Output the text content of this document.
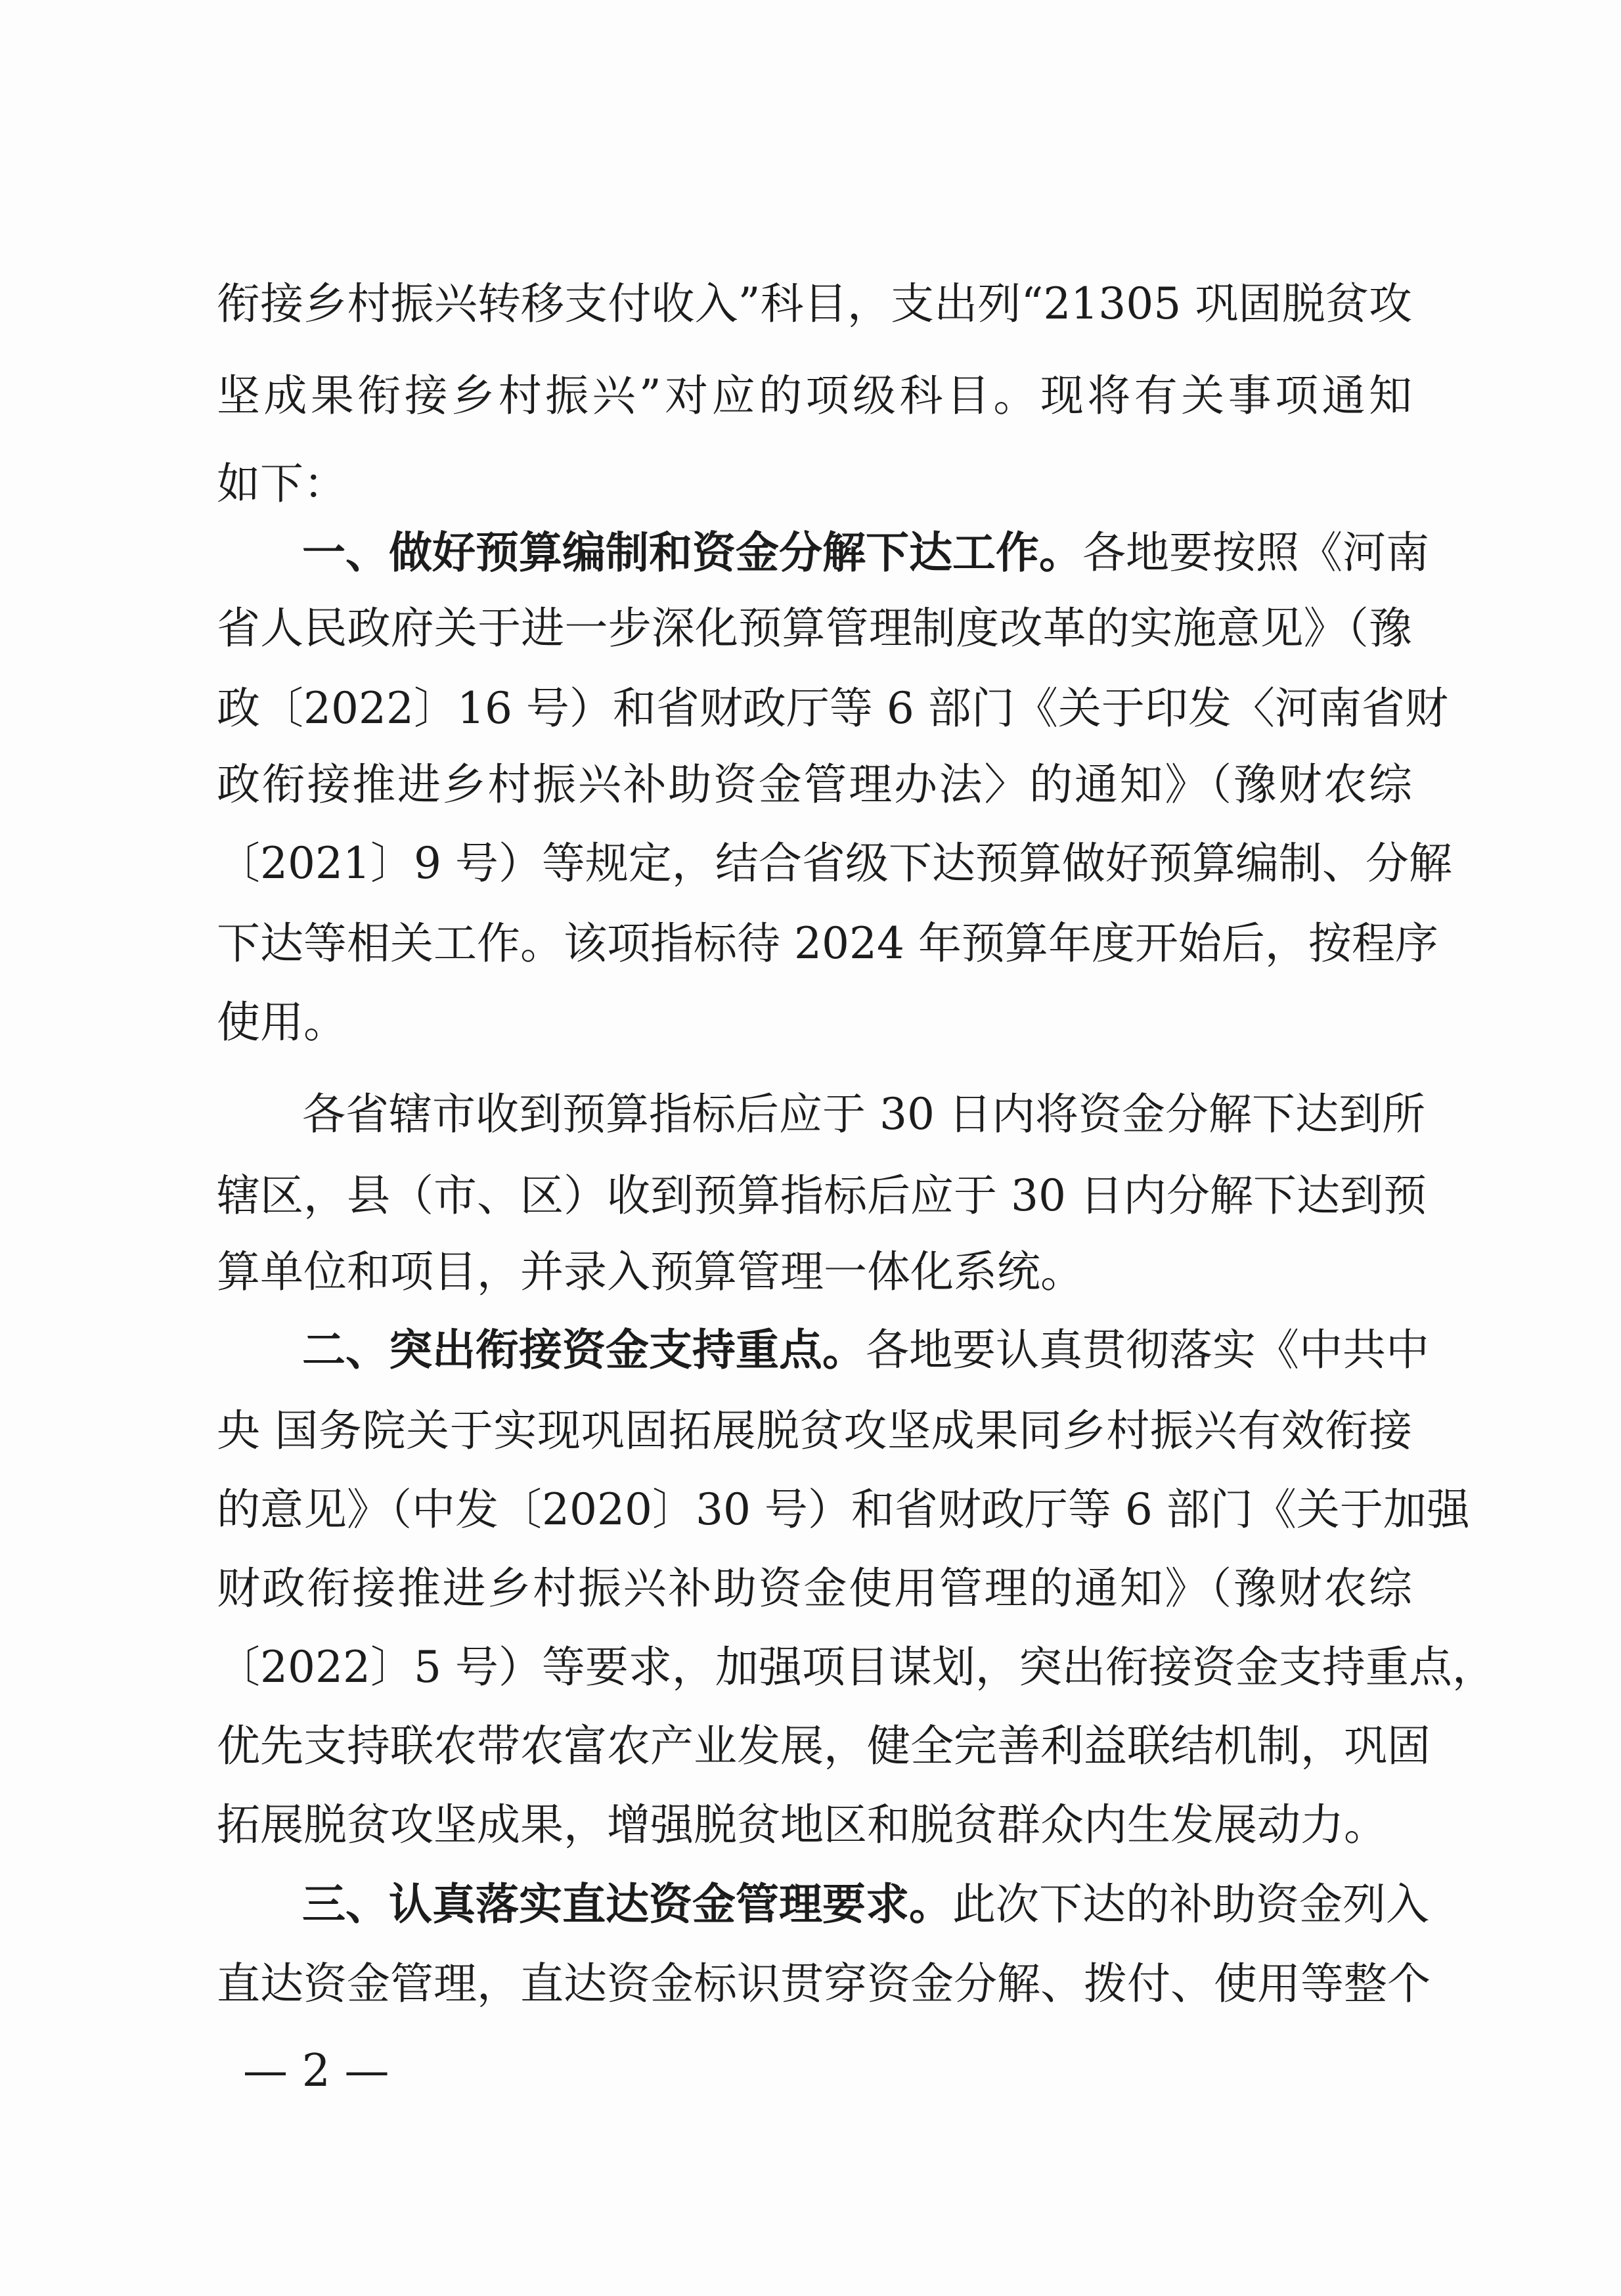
衔接乡村振兴转移支付收入”科目，支出列“21305 巩固脱贫攻
坚成果衔接乡村振兴”对应的项级科目。现将有关事项通知
如下：
一、做好预算编制和资金分解下达工作。各地要按照《河南
省人民政府关于进一步深化预算管理制度改革的实施意见》（豫
政〔2022〕16 号）和省财政厅等 6 部门《关于印发〈河南省财
政衔接推进乡村振兴补助资金管理办法〉的通知》（豫财农综
〔2021〕9 号）等规定，结合省级下达预算做好预算编制、分解
下达等相关工作。该项指标待 2024 年预算年度开始后，按程序
使用。
各省辖市收到预算指标后应于 30 日内将资金分解下达到所
辖区，县（市、区）收到预算指标后应于 30 日内分解下达到预
算单位和项目，并录入预算管理一体化系统。
二、突出衔接资金支持重点。各地要认真贯彻落实《中共中
央 国务院关于实现巩固拓展脱贫攻坚成果同乡村振兴有效衔接
的意见》（中发〔2020〕30 号）和省财政厅等 6 部门《关于加强
财政衔接推进乡村振兴补助资金使用管理的通知》（豫财农综
〔2022〕5 号）等要求，加强项目谋划，突出衔接资金支持重点，
优先支持联农带农富农产业发展，健全完善利益联结机制，巩固
拓展脱贫攻坚成果，增强脱贫地区和脱贫群众内生发展动力。
三、认真落实直达资金管理要求。此次下达的补助资金列入
直达资金管理，直达资金标识贯穿资金分解、拨付、使用等整个
— 2 —
